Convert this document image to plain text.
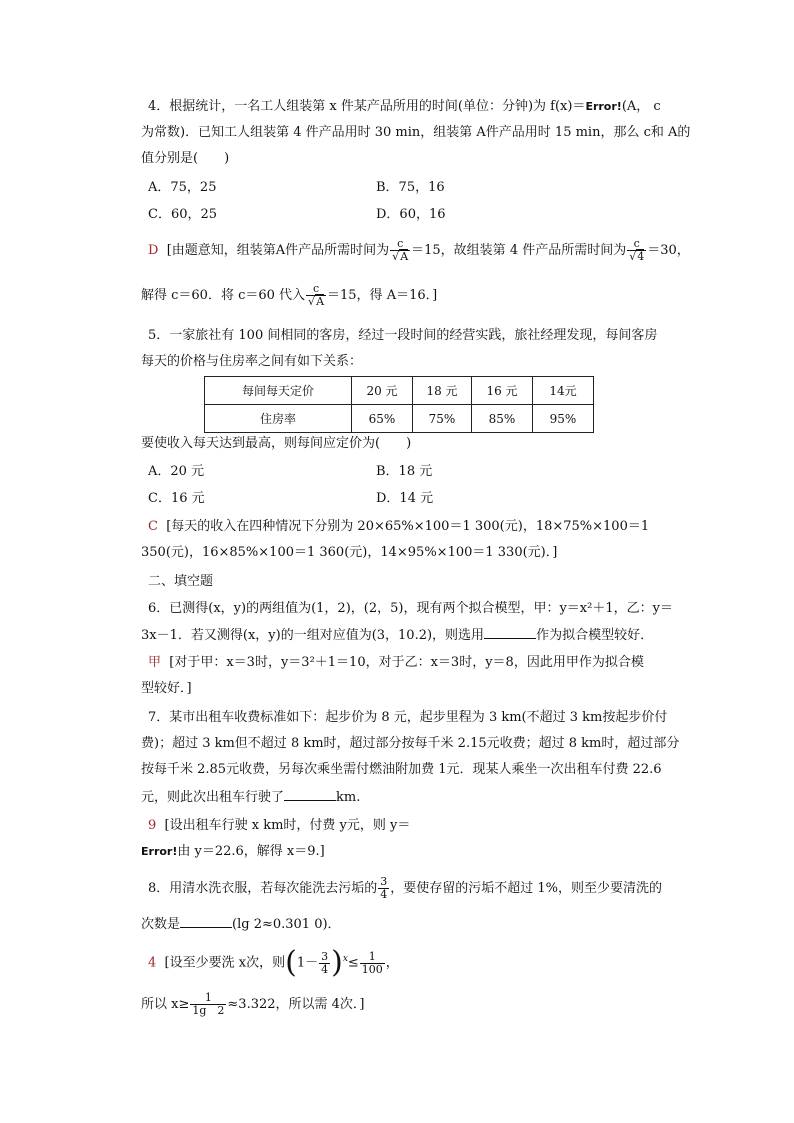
4．根据统计，一名工人组装第 x 件某产品所用的时间(单位：分钟)为 f(x)＝Error!(A， c
为常数)．已知工人组装第 4 件产品用时 30 min，组装第 A件产品用时 15 min，那么 c和 A的
值分别是(　　)
A．75，25	B．75，16
C．60，25	D．60，16
D [由题意知，组装第A件产品所需时间为 $\frac{c}{√A} =15$，故组装第 4 件产品所需时间为 $\frac{c}{√4} =30$，
解得 c＝60．将 c＝60 代入 $\frac{c}{√A} =15$，得 A＝16．]
5．一家旅社有 100 间相同的客房，经过一段时间的经营实践，旅社经理发现，每间客房
每天的价格与住房率之间有如下关系：
每间每天定价	20 元	18 元	16 元	14元
住房率	65%	75%	85%	95%
要使收入每天达到最高，则每间应定价为(　　)
A．20 元	B．18 元
C．16 元	D．14 元
C [每天的收入在四种情况下分别为 20×65%×100＝1 300(元)，18×75%×100＝1
350(元)，16×85%×100＝1 360(元)，14×95%×100＝1 330(元)．]
二、填空题
6．已测得(x，y)的两组值为(1，2)，(2，5)，现有两个拟合模型，甲：y＝x²＋1，乙：y＝
3x－1．若又测得(x，y)的一组对应值为(3，10.2)，则选用	作为拟合模型较好．
甲 [对于甲：x＝3时，y＝3²＋1＝10，对于乙：x＝3时，y＝8，因此用甲作为拟合模
型较好．]
7．某市出租车收费标准如下：起步价为 8 元，起步里程为 3 km(不超过 3 km按起步价付
费)；超过 3 km但不超过 8 km时，超过部分按每千米 2.15元收费；超过 8 km时，超过部分
按每千米 2.85元收费，另每次乘坐需付燃油附加费 1元．现某人乘坐一次出租车付费 22.6
元，则此次出租车行驶了	km.
9 [设出租车行驶 x km时，付费 y元，则 y＝
Error!由 y＝22.6，解得 x＝9.]
8．用清水洗衣服，若每次能洗去污垢的 $\frac{3}{4}$ ，要使存留的污垢不超过 1%，则至少要清洗的
次数是	(lg 2≈0.301 0)．
4 [设至少要洗 x次，则$(1- \frac{3}{4} )^x\le \frac{1}{100}$ ，
所以 $x\ge \frac{1}{1g 2} \approx 3.322$，所以需 4次．]
